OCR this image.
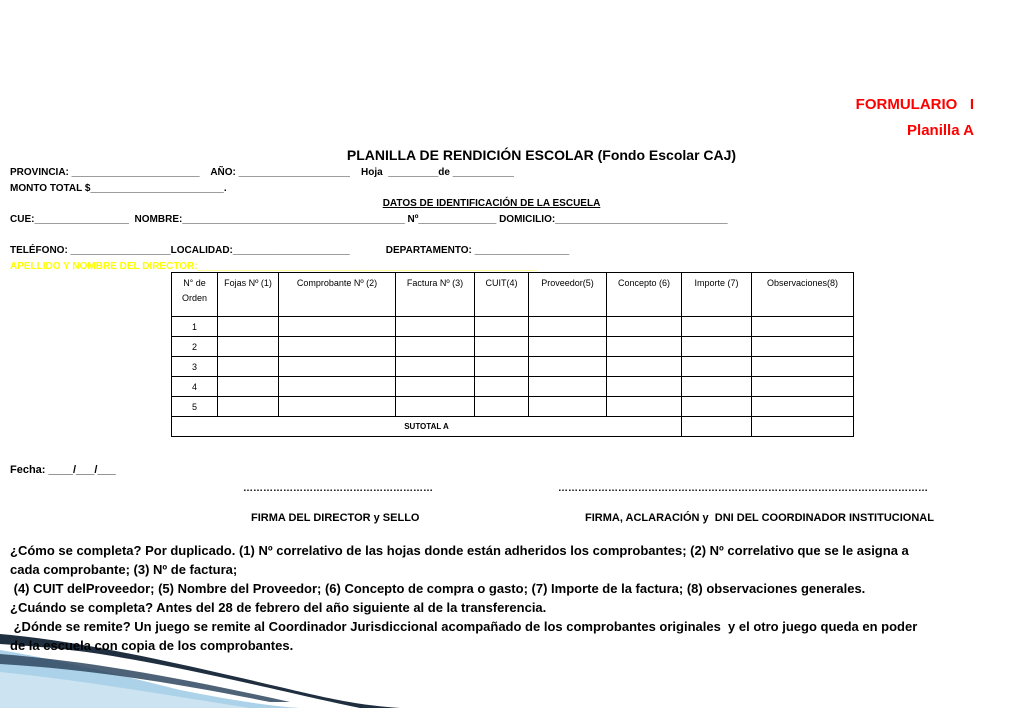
FORMULARIO   I
Planilla A
PLANILLA DE RENDICIÓN ESCOLAR (Fondo Escolar CAJ)
PROVINCIA: _______________________    AÑO: ____________________    Hoja  _________de ___________
MONTO TOTAL $________________________.
DATOS DE IDENTIFICACIÓN DE LA ESCUELA
CUE:_________________  NOMBRE:________________________________________ Nº______________ DOMICILIO:_______________________________
TELÉFONO: __________________LOCALIDAD:_____________________             DEPARTAMENTO: _________________
APELLIDO Y NOMBRE DEL DIRECTOR:_____________________________________________________________
N° de Orden	Fojas Nº (1)	Comprobante Nº (2)	Factura Nº (3)	CUIT(4)	Proveedor(5)	Concepto (6)	Importe (7)	Observaciones(8)
1								
2								
3								
4								
5								
SUTOTAL A								
Fecha: ____/___/___
…………………………………………………	…………………………………………………………………………………………………
FIRMA DEL DIRECTOR y SELLO	FIRMA, ACLARACIÓN y  DNI DEL COORDINADOR INSTITUCIONAL
¿Cómo se completa? Por duplicado. (1) Nº correlativo de las hojas donde están adheridos los comprobantes; (2) Nº correlativo que se le asigna a
cada comprobante; (3) Nº de factura;
(4) CUIT delProveedor; (5) Nombre del Proveedor; (6) Concepto de compra o gasto; (7) Importe de la factura; (8) observaciones generales.
¿Cuándo se completa? Antes del 28 de febrero del año siguiente al de la transferencia.
¿Dónde se remite? Un juego se remite al Coordinador Jurisdiccional acompañado de los comprobantes originales  y el otro juego queda en poder
de la escuela con copia de los comprobantes.
